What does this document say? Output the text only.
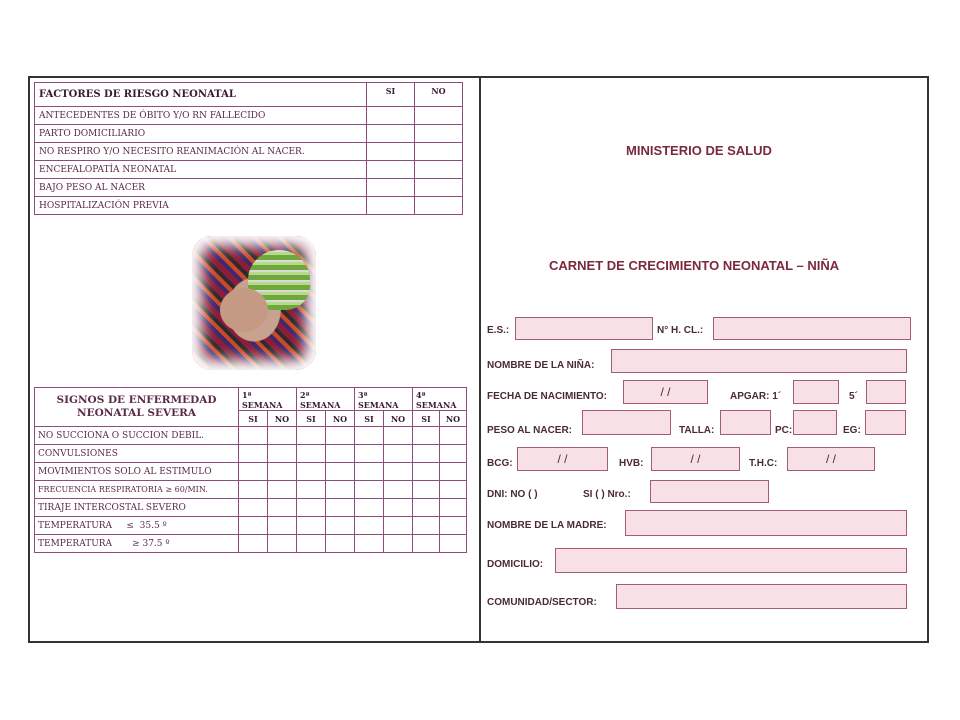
FACTORES DE RIESGO NEONATAL	SI	NO
ANTECEDENTES DE ÓBITO Y/O RN FALLECIDO		
PARTO DOMICILIARIO		
NO RESPIRO Y/O NECESITO REANIMACIÓN AL NACER.		
ENCEFALOPATÍA NEONATAL		
BAJO PESO AL NACER		
HOSPITALIZACIÓN PREVIA		
SIGNOS DE ENFERMEDAD NEONATAL SEVERA	1ª SEMANA		2ª SEMANA		3ª SEMANA		4ª SEMANA	
	SI	NO	SI	NO	SI	NO	SI	NO
NO SUCCIONA O SUCCION DEBIL.								
CONVULSIONES								
MOVIMIENTOS SOLO AL ESTIMULO								
FRECUENCIA RESPIRATORIA ≥ 60/MIN.								
TIRAJE INTERCOSTAL SEVERO								
TEMPERATURA     ≤  35.5 º								
TEMPERATURA       ≥ 37.5 º								
MINISTERIO DE SALUD
CARNET DE CRECIMIENTO NEONATAL – NIÑA
E.S.:	N° H. CL.:
NOMBRE DE LA NIÑA:
FECHA DE NACIMIENTO:	/ /	APGAR: 1´	5´
PESO AL NACER:	TALLA:	PC:	EG:
BCG:	/ /	HVB:	/ /	T.H.C:	/ /
DNI: NO ( )	SI ( ) Nro.:
NOMBRE DE LA MADRE:
DOMICILIO:
COMUNIDAD/SECTOR:
